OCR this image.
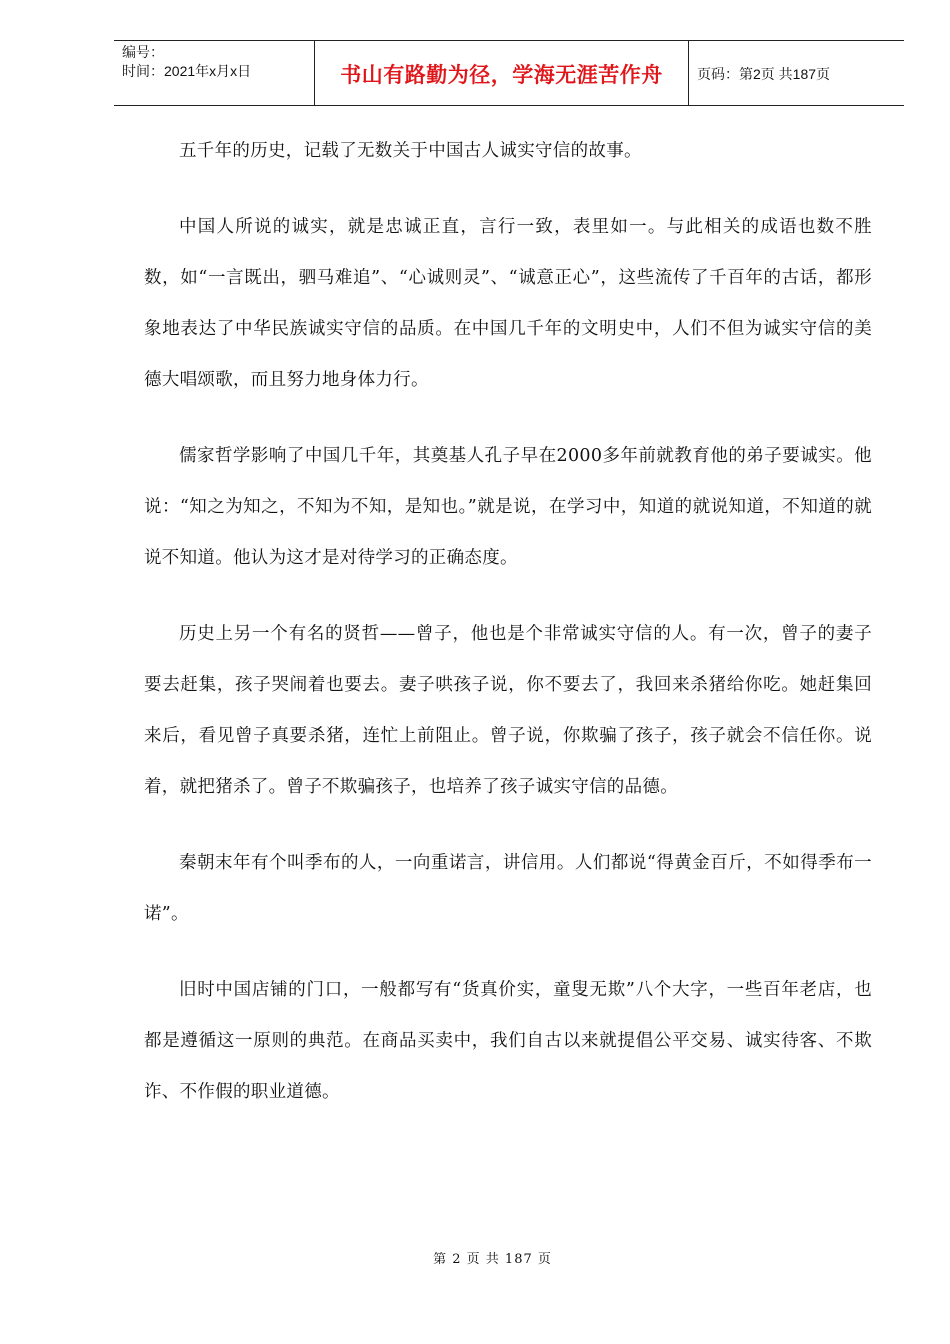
编号：
时间：2021年x月x日	书山有路勤为径，学海无涯苦作舟	页码：第2页 共187页

五千年的历史，记载了无数关于中国古人诚实守信的故事。

中国人所说的诚实，就是忠诚正直，言行一致，表里如一。与此相关的成语也数不胜数，如“一言既出，驷马难追”、“心诚则灵”、“诚意正心”，这些流传了千百年的古话，都形象地表达了中华民族诚实守信的品质。在中国几千年的文明史中，人们不但为诚实守信的美德大唱颂歌，而且努力地身体力行。

儒家哲学影响了中国几千年，其奠基人孔子早在2000多年前就教育他的弟子要诚实。他说：“知之为知之，不知为不知，是知也。”就是说，在学习中，知道的就说知道，不知道的就说不知道。他认为这才是对待学习的正确态度。

历史上另一个有名的贤哲——曾子，他也是个非常诚实守信的人。有一次，曾子的妻子要去赶集，孩子哭闹着也要去。妻子哄孩子说，你不要去了，我回来杀猪给你吃。她赶集回来后，看见曾子真要杀猪，连忙上前阻止。曾子说，你欺骗了孩子，孩子就会不信任你。说着，就把猪杀了。曾子不欺骗孩子，也培养了孩子诚实守信的品德。

秦朝末年有个叫季布的人，一向重诺言，讲信用。人们都说“得黄金百斤，不如得季布一诺”。

旧时中国店铺的门口，一般都写有“货真价实，童叟无欺”八个大字，一些百年老店，也都是遵循这一原则的典范。在商品买卖中，我们自古以来就提倡公平交易、诚实待客、不欺诈、不作假的职业道德。

第 2 页 共 187 页
